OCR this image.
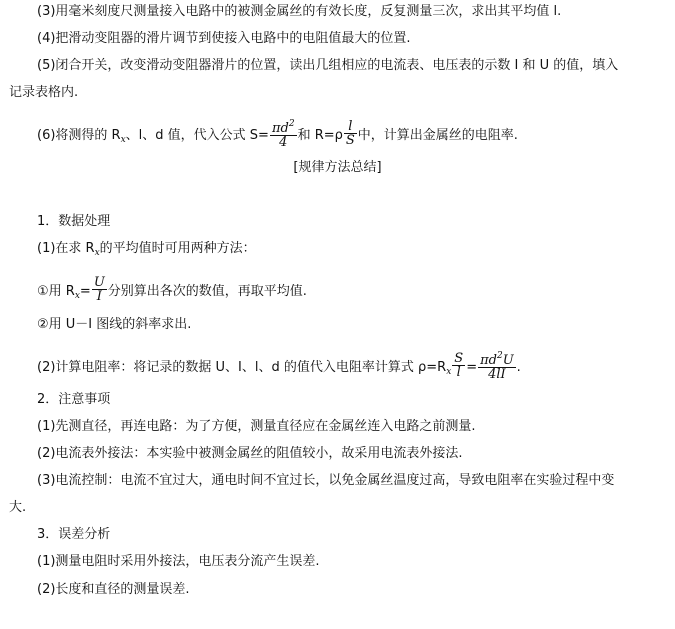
(3)用毫米刻度尺测量接入电路中的被测金属丝的有效长度，反复测量三次，求出其平均值 l.
(4)把滑动变阻器的滑片调节到使接入电路中的电阻值最大的位置.
(5)闭合开关，改变滑动变阻器滑片的位置，读出几组相应的电流表、电压表的示数 I 和 U 的值，填入
记录表格内.
(6)将测得的 $R_x$、l、d 值，代入公式 $S= \frac{\pi d^2}{4}$ 和 $R=\rho \frac{l}{S}$ 中，计算出金属丝的电阻率.
[规律方法总结]
1．数据处理
(1)在求 $R_x$的平均值时可用两种方法：
①用 $R_x= \frac{U}{I}$ 分别算出各次的数值，再取平均值.
②用 U－I 图线的斜率求出.
(2)计算电阻率：将记录的数据 U、I、l、d 的值代入电阻率计算式 $\rho=R_x \frac{S}{l} = \frac{\pi d^2U}{4lI}$ .
2．注意事项
(1)先测直径，再连电路：为了方便，测量直径应在金属丝连入电路之前测量.
(2)电流表外接法：本实验中被测金属丝的阻值较小，故采用电流表外接法.
(3)电流控制：电流不宜过大，通电时间不宜过长，以免金属丝温度过高，导致电阻率在实验过程中变
大.
3．误差分析
(1)测量电阻时采用外接法，电压表分流产生误差.
(2)长度和直径的测量误差.
